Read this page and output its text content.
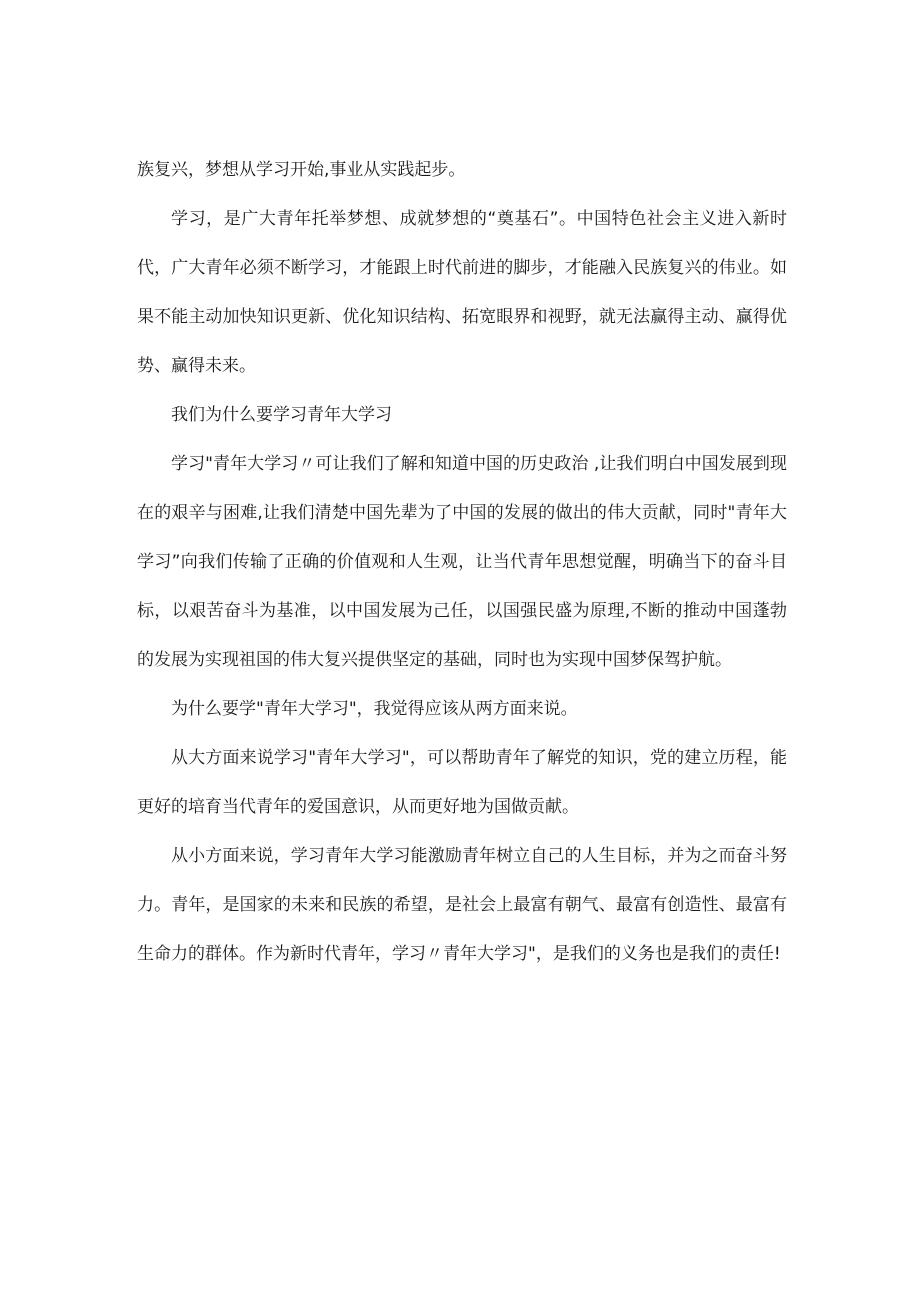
族复兴，梦想从学习开始,事业从实践起步。

学习，是广大青年托举梦想、成就梦想的“奠基石”。中国特色社会主义进入新时代，广大青年必须不断学习，才能跟上时代前进的脚步，才能融入民族复兴的伟业。如果不能主动加快知识更新、优化知识结构、拓宽眼界和视野，就无法赢得主动、赢得优势、赢得未来。

我们为什么要学习青年大学习

学习"青年大学习〃可让我们了解和知道中国的历史政治 ,让我们明白中国发展到现在的艰辛与困难,让我们清楚中国先辈为了中国的发展的做出的伟大贡献，同时"青年大学习”向我们传输了正确的价值观和人生观，让当代青年思想觉醒，明确当下的奋斗目标，以艰苦奋斗为基准，以中国发展为己任，以国强民盛为原理,不断的推动中国蓬勃的发展为实现祖国的伟大复兴提供坚定的基础，同时也为实现中国梦保驾护航。

为什么要学"青年大学习"，我觉得应该从两方面来说。

从大方面来说学习"青年大学习"，可以帮助青年了解党的知识，党的建立历程，能更好的培育当代青年的爱国意识，从而更好地为国做贡献。

从小方面来说，学习青年大学习能激励青年树立自己的人生目标，并为之而奋斗努力。青年，是国家的未来和民族的希望，是社会上最富有朝气、最富有创造性、最富有生命力的群体。作为新时代青年，学习〃青年大学习"，是我们的义务也是我们的责任!
